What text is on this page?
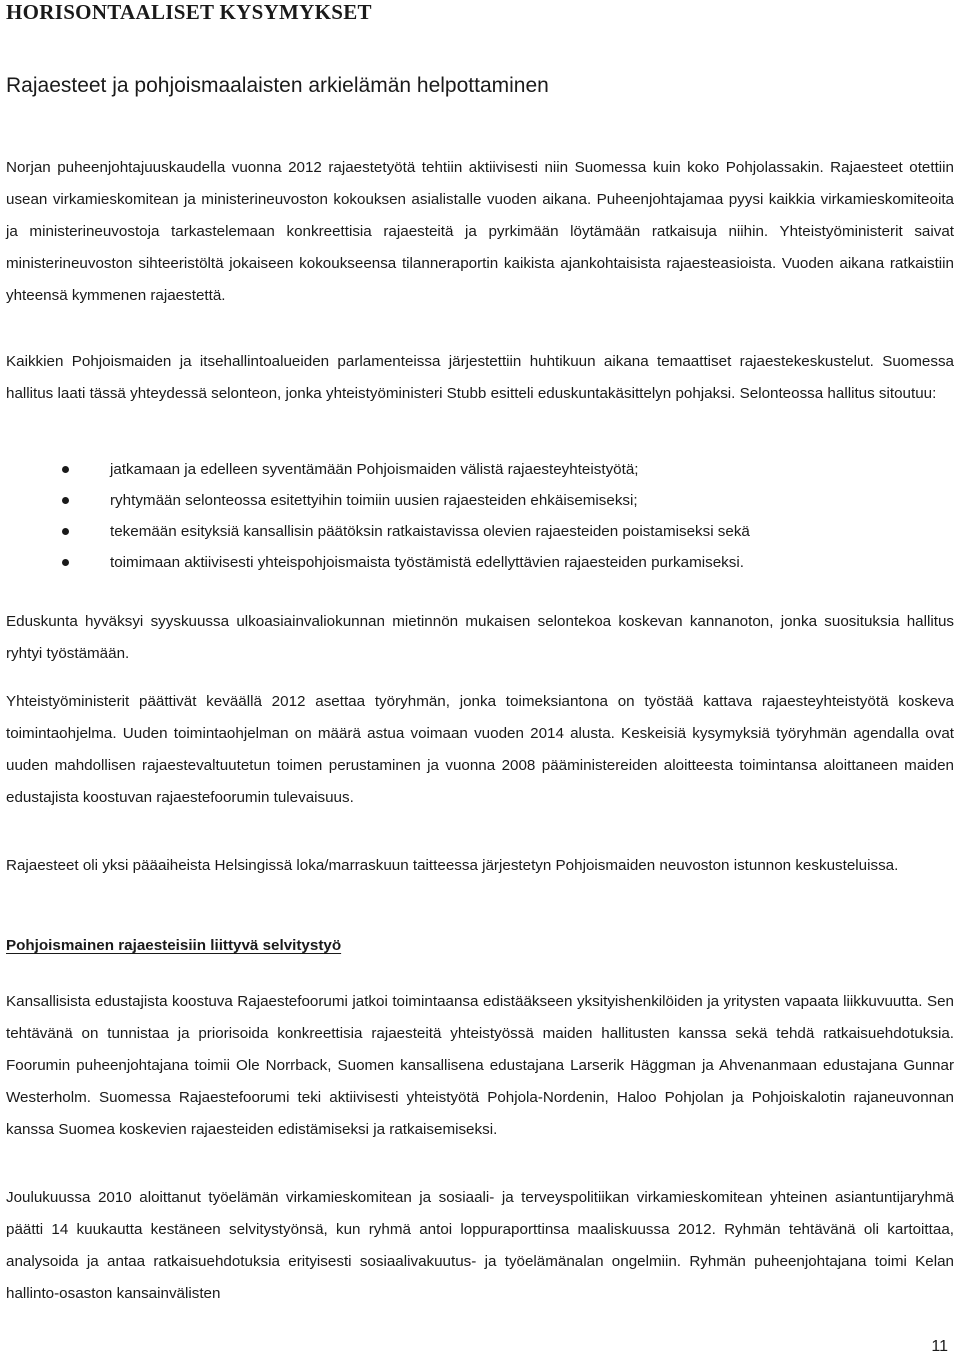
HORISONTAALISET KYSYMYKSET
Rajaesteet ja pohjoismaalaisten arkielämän helpottaminen

Norjan puheenjohtajuuskaudella vuonna 2012 rajaestetyötä tehtiin aktiivisesti niin Suomessa kuin koko Pohjolassakin. Rajaesteet otettiin usean virkamieskomitean ja ministerineuvoston kokouksen asialistalle vuoden aikana. Puheenjohtajamaa pyysi kaikkia virkamieskomiteoita ja ministerineuvostoja tarkastelemaan konkreettisia rajaesteitä ja pyrkimään löytämään ratkaisuja niihin. Yhteistyöministerit saivat ministerineuvoston sihteeristöltä jokaiseen kokoukseensa tilanneraportin kaikista ajankohtaisista rajaesteasioista. Vuoden aikana ratkaistiin yhteensä kymmenen rajaestettä.

Kaikkien Pohjoismaiden ja itsehallintoalueiden parlamenteissa järjestettiin huhtikuun aikana temaattiset rajaestekeskustelut. Suomessa hallitus laati tässä yhteydessä selonteon, jonka yhteistyöministeri Stubb esitteli eduskuntakäsittelyn pohjaksi. Selonteossa hallitus sitoutuu:

jatkamaan ja edelleen syventämään Pohjoismaiden välistä rajaesteyhteistyötä;
ryhtymään selonteossa esitettyihin toimiin uusien rajaesteiden ehkäisemiseksi;
tekemään esityksiä kansallisin päätöksin ratkaistavissa olevien rajaesteiden poistamiseksi sekä
toimimaan aktiivisesti yhteispohjoismaista työstämistä edellyttävien rajaesteiden purkamiseksi.

Eduskunta hyväksyi syyskuussa ulkoasiainvaliokunnan mietinnön mukaisen selontekoa koskevan kannanoton, jonka suosituksia hallitus ryhtyi työstämään.

Yhteistyöministerit päättivät keväällä 2012 asettaa työryhmän, jonka toimeksiantona on työstää kattava rajaesteyhteistyötä koskeva toimintaohjelma. Uuden toimintaohjelman on määrä astua voimaan vuoden 2014 alusta. Keskeisiä kysymyksiä työryhmän agendalla ovat uuden mahdollisen rajaestevaltuutetun toimen perustaminen ja vuonna 2008 pääministereiden aloitteesta toimintansa aloittaneen maiden edustajista koostuvan rajaestefoorumin tulevaisuus.

Rajaesteet oli yksi pääaiheista Helsingissä loka/marraskuun taitteessa järjestetyn Pohjoismaiden neuvoston istunnon keskusteluissa.

Pohjoismainen rajaesteisiin liittyvä selvitystyö

Kansallisista edustajista koostuva Rajaestefoorumi jatkoi toimintaansa edistääkseen yksityishenkilöiden ja yritysten vapaata liikkuvuutta. Sen tehtävänä on tunnistaa ja priorisoida konkreettisia rajaesteitä yhteistyössä maiden hallitusten kanssa sekä tehdä ratkaisuehdotuksia. Foorumin puheenjohtajana toimii Ole Norrback, Suomen kansallisena edustajana Larserik Häggman ja Ahvenanmaan edustajana Gunnar Westerholm. Suomessa Rajaestefoorumi teki aktiivisesti yhteistyötä Pohjola-Nordenin, Haloo Pohjolan ja Pohjoiskalotin rajaneuvonnan kanssa Suomea koskevien rajaesteiden edistämiseksi ja ratkaisemiseksi.

Joulukuussa 2010 aloittanut työelämän virkamieskomitean ja sosiaali- ja terveyspolitiikan virkamieskomitean yhteinen asiantuntijaryhmä päätti 14 kuukautta kestäneen selvitystyönsä, kun ryhmä antoi loppuraporttinsa maaliskuussa 2012. Ryhmän tehtävänä oli kartoittaa, analysoida ja antaa ratkaisuehdotuksia erityisesti sosiaalivakuutus- ja työelämänalan ongelmiin. Ryhmän puheenjohtajana toimi Kelan hallinto-osaston kansainvälisten

11
